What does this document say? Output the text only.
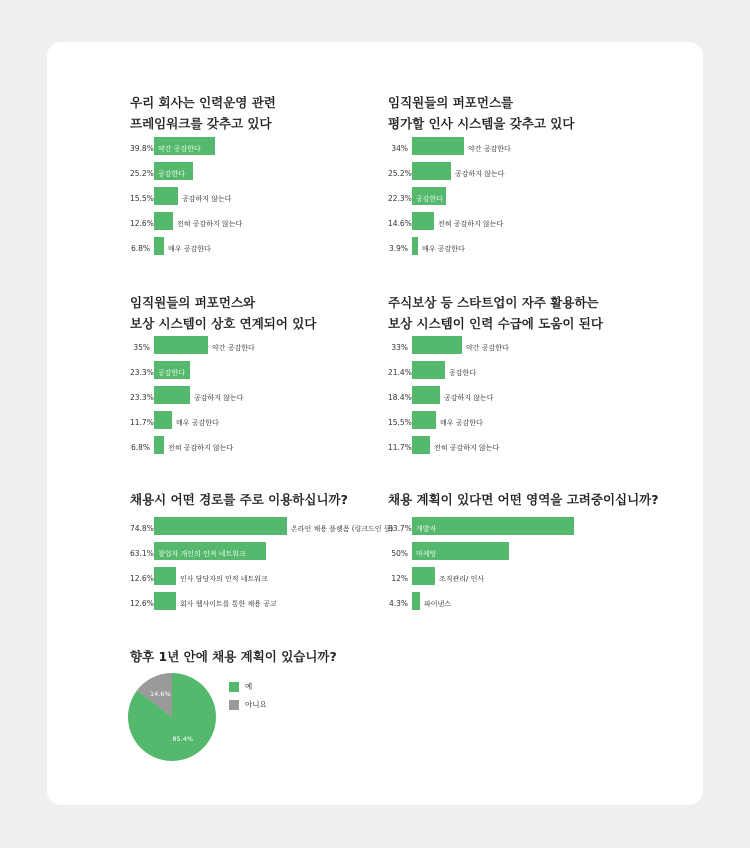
우리 회사는 인력운영 관련
프레임워크를 갖추고 있다
39.8% 약간 공감한다
25.2% 공감한다
15.5%	공감하지 않는다
12.6%	전혀 공감하지 않는다
6.8%	매우 공감한다
임직원들의 퍼포먼스를
평가할 인사 시스템을 갖추고 있다
34%	약간 공감한다
25.2%	공감하지 않는다
22.3% 공감한다
14.6%	전혀 공감하지 않는다
3.9% 매우 공감한다
임직원들의 퍼포먼스와
보상 시스템이 상호 연계되어 있다
35%	약간 공감한다
23.3% 공감한다
23.3%	공감하지 않는다
11.7%	매우 공감한다
6.8%	전혀 공감하지 않는다
주식보상 등 스타트업이 자주 활용하는
보상 시스템이 인력 수급에 도움이 된다
33%	약간 공감한다
21.4%	공감한다
18.4%	공감하지 않는다
15.5%	매우 공감한다
11.7%	전혀 공감하지 않는다
채용시 어떤 경로를 주로 이용하십니까?
74.8%	온라인 채용 플랫폼 (링크드인 등)
63.1% 창업자 개인의 인적 네트워크
12.6%	인사 담당자의 인적 네트워크
12.6%	회사 웹사이트를 통한 채용 공고
채용 계획이 있다면 어떤 영역을 고려중이십니까?
83.7% 개발자
50% 마케팅
12%	조직관리/ 인사
4.3% 파이낸스
향후 1년 안에 채용 계획이 있습니까?
85.4%
14.6%
예
아니요
